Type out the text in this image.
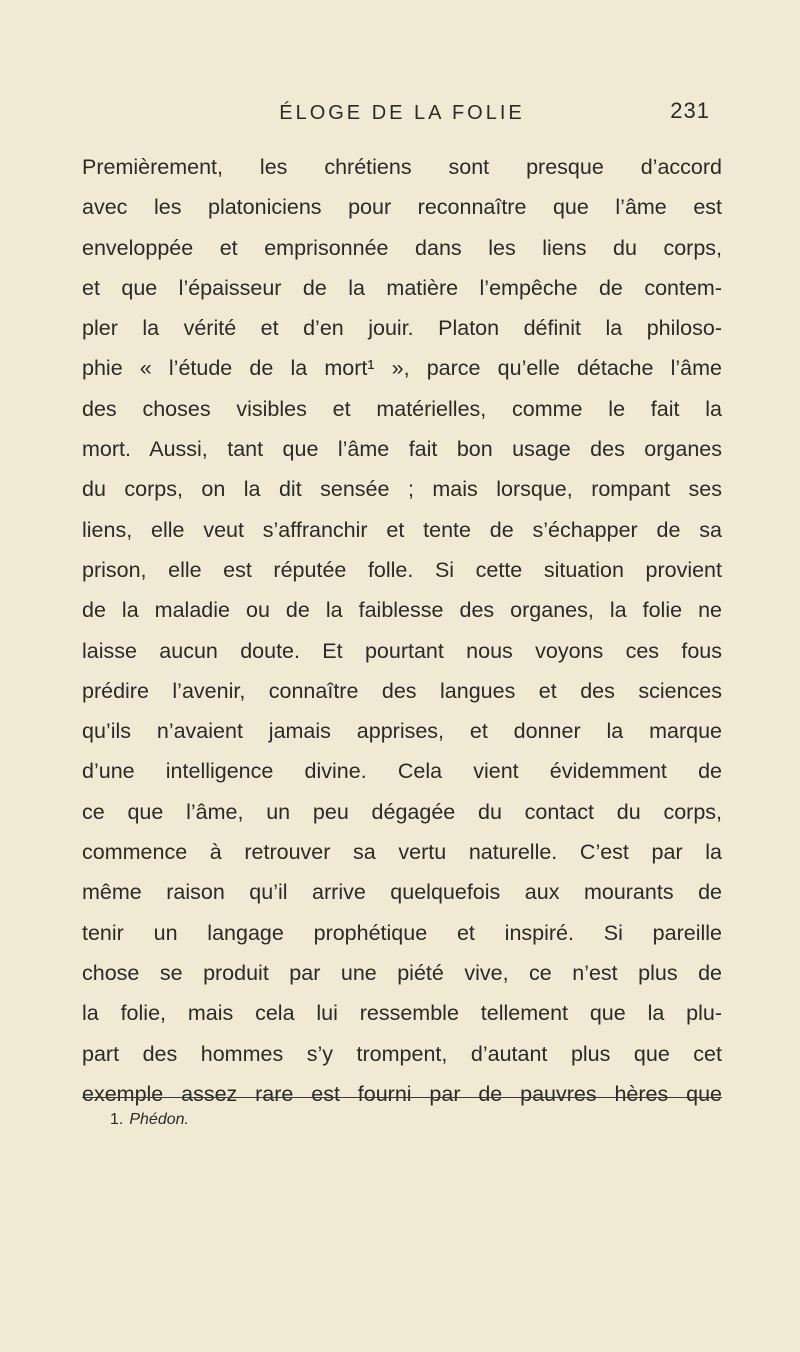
ÉLOGE DE LA FOLIE	231
Premièrement, les chrétiens sont presque d’accord
avec les platoniciens pour reconnaître que l’âme est
enveloppée et emprisonnée dans les liens du corps,
et que l’épaisseur de la matière l’empêche de contem-
pler la vérité et d’en jouir. Platon définit la philoso-
phie « l’étude de la mort¹ », parce qu’elle détache l’âme
des choses visibles et matérielles, comme le fait la
mort. Aussi, tant que l’âme fait bon usage des organes
du corps, on la dit sensée ; mais lorsque, rompant ses
liens, elle veut s’affranchir et tente de s’échapper de sa
prison, elle est réputée folle. Si cette situation provient
de la maladie ou de la faiblesse des organes, la folie ne
laisse aucun doute. Et pourtant nous voyons ces fous
prédire l’avenir, connaître des langues et des sciences
qu’ils n’avaient jamais apprises, et donner la marque
d’une intelligence divine. Cela vient évidemment de
ce que l’âme, un peu dégagée du contact du corps,
commence à retrouver sa vertu naturelle. C’est par la
même raison qu’il arrive quelquefois aux mourants de
tenir un langage prophétique et inspiré. Si pareille
chose se produit par une piété vive, ce n’est plus de
la folie, mais cela lui ressemble tellement que la plu-
part des hommes s’y trompent, d’autant plus que cet
exemple assez rare est fourni par de pauvres hères que
1. Phédon.
